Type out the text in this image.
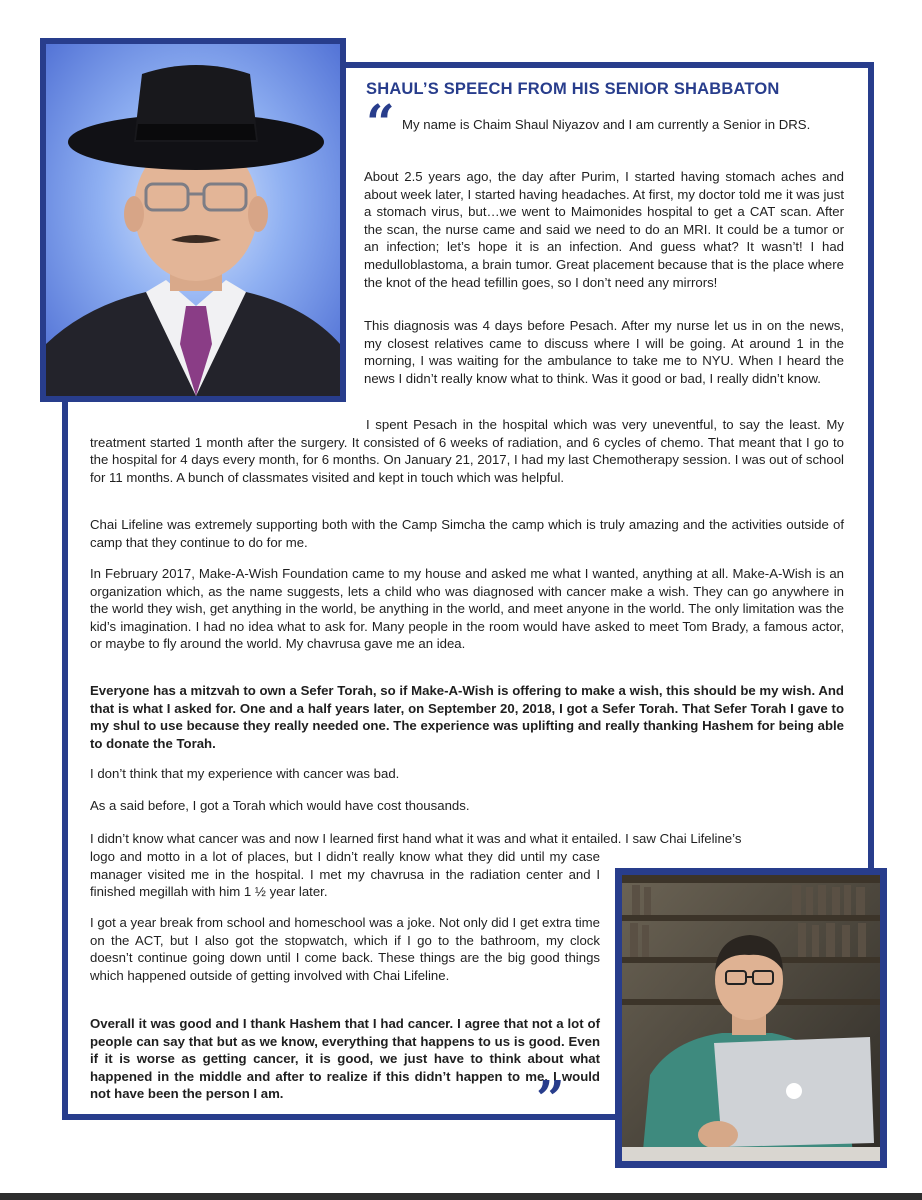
SHAUL’S SPEECH FROM HIS SENIOR SHABBATON
“ My name is Chaim Shaul Niyazov and I am currently a Senior in DRS.

About 2.5 years ago, the day after Purim, I started having stomach aches and about week later, I started having headaches. At first, my doctor told me it was just a stomach virus, but…we went to Maimonides hospital to get a CAT scan. After the scan, the nurse came and said we need to do an MRI. It could be a tumor or an infection; let’s hope it is an infection. And guess what? It wasn’t! I had medulloblastoma, a brain tumor. Great placement because that is the place where the knot of the head tefillin goes, so I don’t need any mirrors!

This diagnosis was 4 days before Pesach. After my nurse let us in on the news, my closest relatives came to discuss where I will be going. At around 1 in the morning, I was waiting for the ambulance to take me to NYU. When I heard the news I didn’t really know what to think. Was it good or bad, I really didn’t know.

I spent Pesach in the hospital which was very uneventful, to say the least. My treatment started 1 month after the surgery. It consisted of 6 weeks of radiation, and 6 cycles of chemo. That meant that I go to the hospital for 4 days every month, for 6 months. On January 21, 2017, I had my last Chemotherapy session. I was out of school for 11 months. A bunch of classmates visited and kept in touch which was helpful.

Chai Lifeline was extremely supporting both with the Camp Simcha the camp which is truly amazing and the activities outside of camp that they continue to do for me.

In February 2017, Make-A-Wish Foundation came to my house and asked me what I wanted, anything at all. Make-A-Wish is an organization which, as the name suggests, lets a child who was diagnosed with cancer make a wish. They can go anywhere in the world they wish, get anything in the world, be anything in the world, and meet anyone in the world. The only limitation was the kid’s imagination. I had no idea what to ask for. Many people in the room would have asked to meet Tom Brady, a famous actor, or maybe to fly around the world. My chavrusa gave me an idea.

Everyone has a mitzvah to own a Sefer Torah, so if Make-A-Wish is offering to make a wish, this should be my wish. And that is what I asked for. One and a half years later, on September 20, 2018, I got a Sefer Torah. That Sefer Torah I gave to my shul to use because they really needed one. The experience was uplifting and really thanking Hashem for being able to donate the Torah.

I don’t think that my experience with cancer was bad.

As a said before, I got a Torah which would have cost thousands.

I didn’t know what cancer was and now I learned first hand what it was and what it entailed. I saw Chai Lifeline’s

logo and motto in a lot of places, but I didn’t really know what they did until my case manager visited me in the hospital. I met my chavrusa in the radiation center and I finished megillah with him 1 ½ year later.

I got a year break from school and homeschool was a joke. Not only did I get extra time on the ACT, but I also got the stopwatch, which if I go to the bathroom, my clock doesn’t continue going down until I come back. These things are the big good things which happened outside of getting involved with Chai Lifeline.

Overall it was good and I thank Hashem that I had cancer. I agree that not a lot of people can say that but as we know, everything that happens to us is good. Even if it is worse as getting cancer, it is good, we just have to think about what happened in the middle and after to realize if this didn’t happen to me, I would not have been the person I am.	”
